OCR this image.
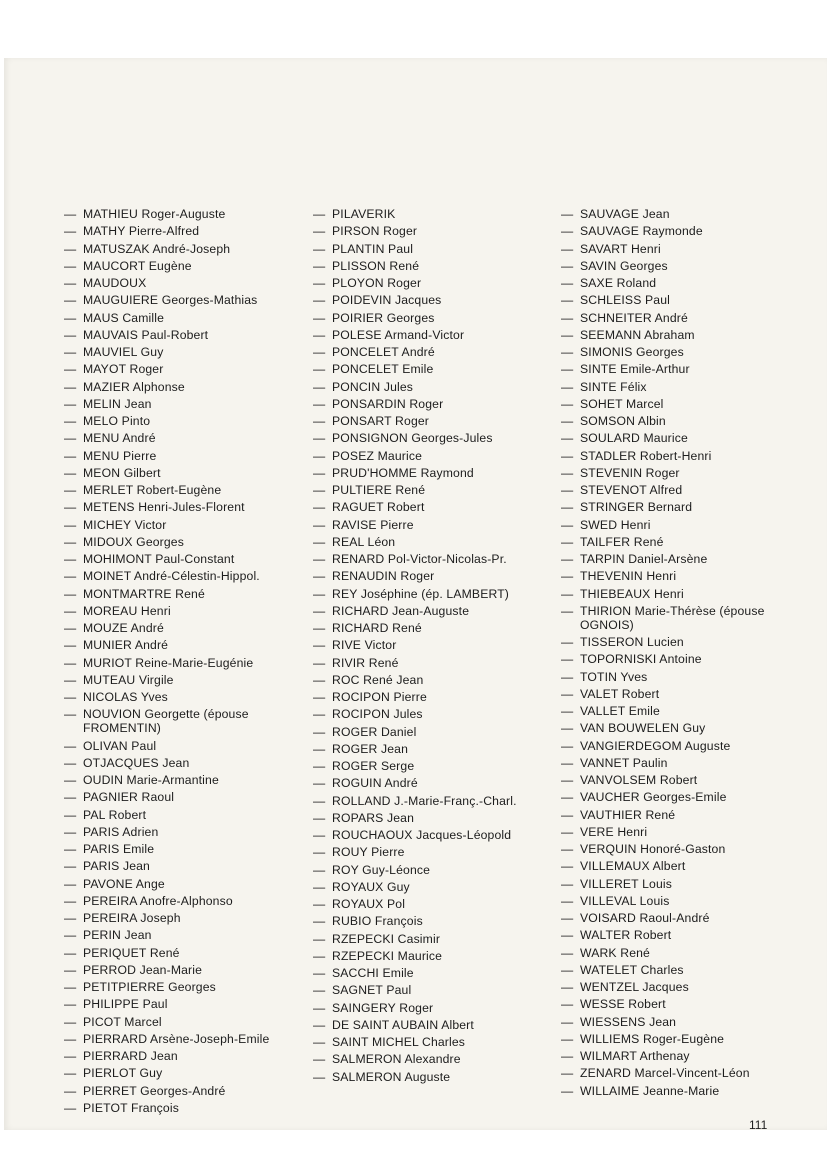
— MATHIEU Roger-Auguste
— MATHY Pierre-Alfred
— MATUSZAK André-Joseph
— MAUCORT Eugène
— MAUDOUX
— MAUGUIERE Georges-Mathias
— MAUS Camille
— MAUVAIS Paul-Robert
— MAUVIEL Guy
— MAYOT Roger
— MAZIER Alphonse
— MELIN Jean
— MELO Pinto
— MENU André
— MENU Pierre
— MEON Gilbert
— MERLET Robert-Eugène
— METENS Henri-Jules-Florent
— MICHEY Victor
— MIDOUX Georges
— MOHIMONT Paul-Constant
— MOINET André-Célestin-Hippol.
— MONTMARTRE René
— MOREAU Henri
— MOUZE André
— MUNIER André
— MURIOT Reine-Marie-Eugénie
— MUTEAU Virgile
— NICOLAS Yves
— NOUVION Georgette (épouse FROMENTIN)
— OLIVAN Paul
— OTJACQUES Jean
— OUDIN Marie-Armantine
— PAGNIER Raoul
— PAL Robert
— PARIS Adrien
— PARIS Emile
— PARIS Jean
— PAVONE Ange
— PEREIRA Anofre-Alphonso
— PEREIRA Joseph
— PERIN Jean
— PERIQUET René
— PERROD Jean-Marie
— PETITPIERRE Georges
— PHILIPPE Paul
— PICOT Marcel
— PIERRARD Arsène-Joseph-Emile
— PIERRARD Jean
— PIERLOT Guy
— PIERRET Georges-André
— PIETOT François
— PILAVERIK
— PIRSON Roger
— PLANTIN Paul
— PLISSON René
— PLOYON Roger
— POIDEVIN Jacques
— POIRIER Georges
— POLESE Armand-Victor
— PONCELET André
— PONCELET Emile
— PONCIN Jules
— PONSARDIN Roger
— PONSART Roger
— PONSIGNON Georges-Jules
— POSEZ Maurice
— PRUD'HOMME Raymond
— PULTIERE René
— RAGUET Robert
— RAVISE Pierre
— REAL Léon
— RENARD Pol-Victor-Nicolas-Pr.
— RENAUDIN Roger
— REY Joséphine (ép. LAMBERT)
— RICHARD Jean-Auguste
— RICHARD René
— RIVE Victor
— RIVIR René
— ROC René Jean
— ROCIPON Pierre
— ROCIPON Jules
— ROGER Daniel
— ROGER Jean
— ROGER Serge
— ROGUIN André
— ROLLAND J.-Marie-Franç.-Charl.
— ROPARS Jean
— ROUCHAOUX Jacques-Léopold
— ROUY Pierre
— ROY Guy-Léonce
— ROYAUX Guy
— ROYAUX Pol
— RUBIO François
— RZEPECKI Casimir
— RZEPECKI Maurice
— SACCHI Emile
— SAGNET Paul
— SAINGERY Roger
— DE SAINT AUBAIN Albert
— SAINT MICHEL Charles
— SALMERON Alexandre
— SALMERON Auguste
— SAUVAGE Jean
— SAUVAGE Raymonde
— SAVART Henri
— SAVIN Georges
— SAXE Roland
— SCHLEISS Paul
— SCHNEITER André
— SEEMANN Abraham
— SIMONIS Georges
— SINTE Emile-Arthur
— SINTE Félix
— SOHET Marcel
— SOMSON Albin
— SOULARD Maurice
— STADLER Robert-Henri
— STEVENIN Roger
— STEVENOT Alfred
— STRINGER Bernard
— SWED Henri
— TAILFER René
— TARPIN Daniel-Arsène
— THEVENIN Henri
— THIEBEAUX Henri
— THIRION Marie-Thérèse (épouse OGNOIS)
— TISSERON Lucien
— TOPORNISKI Antoine
— TOTIN Yves
— VALET Robert
— VALLET Emile
— VAN BOUWELEN Guy
— VANGIERDEGOM Auguste
— VANNET Paulin
— VANVOLSEM Robert
— VAUCHER Georges-Emile
— VAUTHIER René
— VERE Henri
— VERQUIN Honoré-Gaston
— VILLEMAUX Albert
— VILLERET Louis
— VILLEVAL Louis
— VOISARD Raoul-André
— WALTER Robert
— WARK René
— WATELET Charles
— WENTZEL Jacques
— WESSE Robert
— WIESSENS Jean
— WILLIEMS Roger-Eugène
— WILMART Arthenay
— ZENARD Marcel-Vincent-Léon
— WILLAIME Jeanne-Marie
111
